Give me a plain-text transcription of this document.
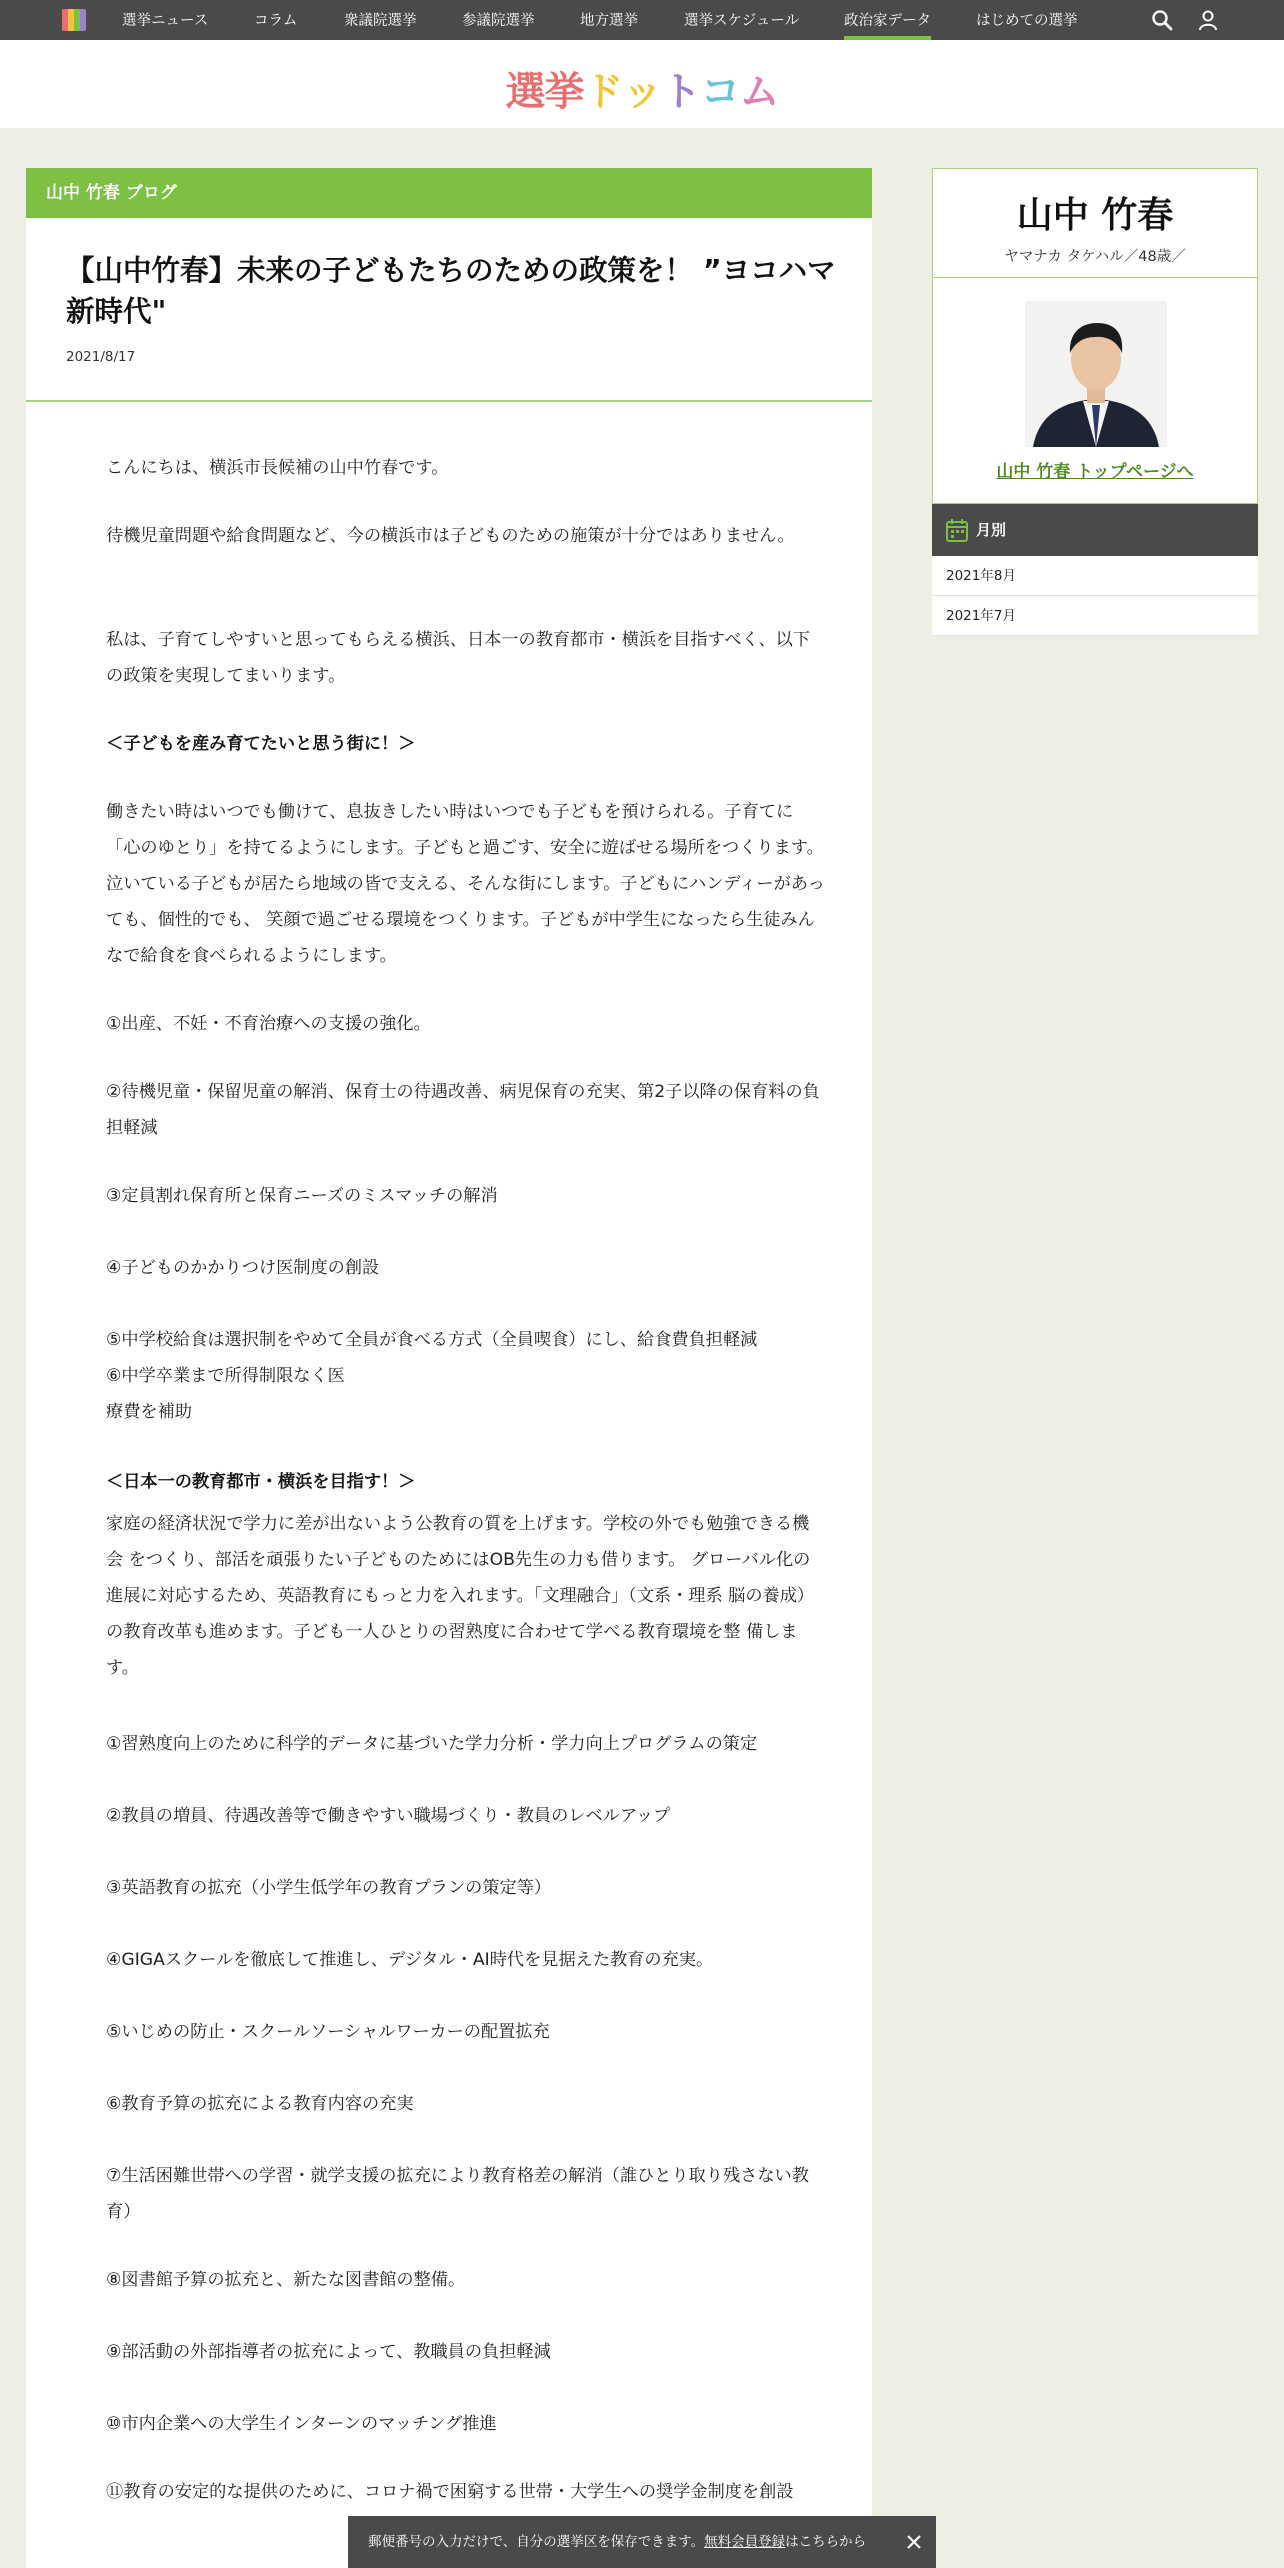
選挙ニュース	コラム	衆議院選挙	参議院選挙	地方選挙	選挙スケジュール	政治家データ	はじめての選挙
選 挙 ド ッ ト コ ム
山中 竹春 ブログ
【山中竹春】未来の子どもたちのための政策を！ ”ヨコハマ新時代"
2021/8/17
こんにちは、横浜市長候補の山中竹春です。
待機児童問題や給食問題など、今の横浜市は子どものための施策が十分ではありません。
私は、子育てしやすいと思ってもらえる横浜、日本一の教育都市・横浜を目指すべく、以下の政策を実現してまいります。
＜子どもを産み育てたいと思う街に！＞
働きたい時はいつでも働けて、息抜きしたい時はいつでも子どもを預けられる。子育てに「心のゆとり」を持てるようにします。子どもと過ごす、安全に遊ばせる場所をつくります。泣いている子どもが居たら地域の皆で支える、そんな街にします。子どもにハンディーがあっても、個性的でも、 笑顔で過ごせる環境をつくります。子どもが中学生になったら生徒みんなで給食を食べられるようにします。
①出産、不妊・不育治療への支援の強化。
②待機児童・保留児童の解消、保育士の待遇改善、病児保育の充実、第2子以降の保育料の負担軽減
③定員割れ保育所と保育ニーズのミスマッチの解消
④子どものかかりつけ医制度の創設
⑤中学校給食は選択制をやめて全員が食べる方式（全員喫食）にし、給食費負担軽減
⑥中学卒業まで所得制限なく医
療費を補助
＜日本一の教育都市・横浜を目指す！＞
家庭の経済状況で学力に差が出ないよう公教育の質を上げます。学校の外でも勉強できる機会 をつくり、部活を頑張りたい子どものためにはOB先生の力も借ります。 グローバル化の進展に対応するため、英語教育にもっと力を入れます。「文理融合」（文系・理系 脳の養成）の教育改革も進めます。子ども一人ひとりの習熟度に合わせて学べる教育環境を整 備します。
①習熟度向上のために科学的データに基づいた学力分析・学力向上プログラムの策定
②教員の増員、待遇改善等で働きやすい職場づくり・教員のレベルアップ
③英語教育の拡充（小学生低学年の教育プランの策定等）
④GIGAスクールを徹底して推進し、デジタル・AI時代を見据えた教育の充実。
⑤いじめの防止・スクールソーシャルワーカーの配置拡充
⑥教育予算の拡充による教育内容の充実
⑦生活困難世帯への学習・就学支援の拡充により教育格差の解消（誰ひとり取り残さない教育）
⑧図書館予算の拡充と、新たな図書館の整備。
⑨部活動の外部指導者の拡充によって、教職員の負担軽減
⑩市内企業への大学生インターンのマッチング推進
⑪教育の安定的な提供のために、コロナ禍で困窮する世帯・大学生への奨学金制度を創設
山中 竹春
ヤマナカ タケハル／48歳／
山中 竹春 トップページへ
月別
2021年8月
2021年7月
郵便番号の入力だけで、自分の選挙区を保存できます。無料会員登録はこちらから
